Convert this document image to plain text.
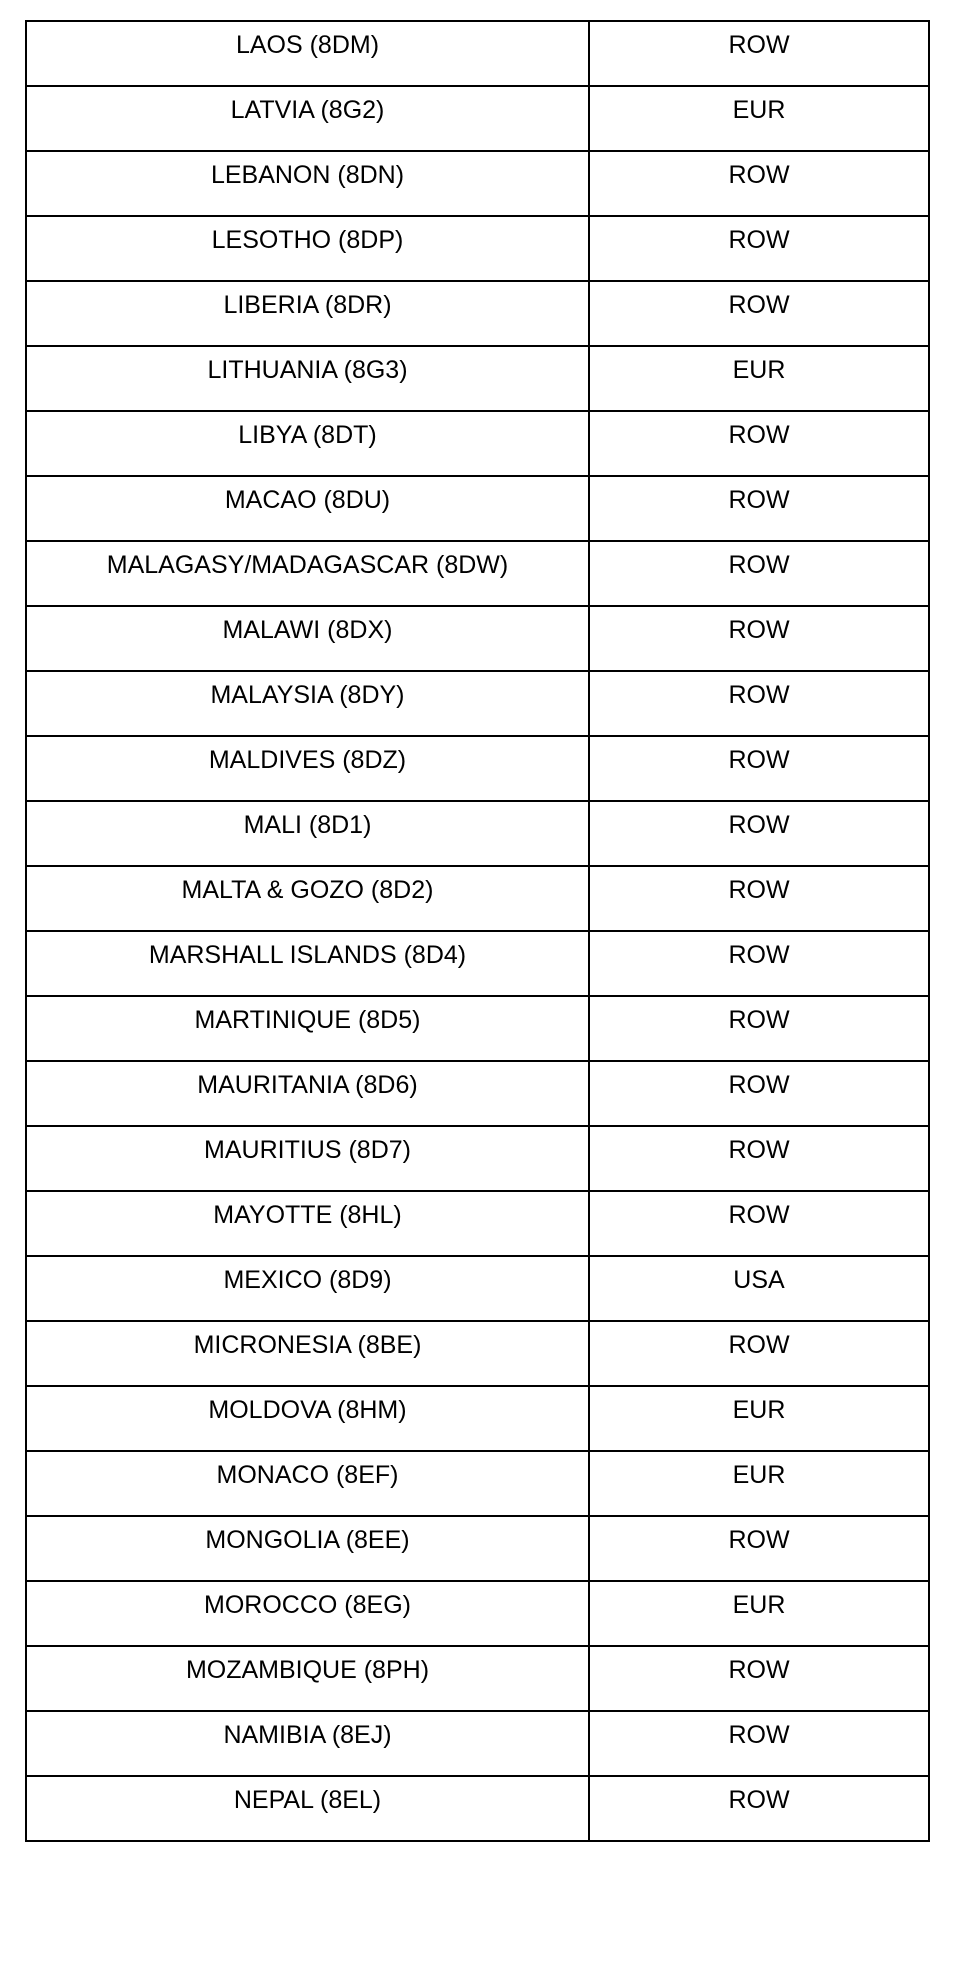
LAOS (8DM)	ROW

LATVIA (8G2)	EUR

LEBANON (8DN)	ROW

LESOTHO (8DP)	ROW

LIBERIA (8DR)	ROW

LITHUANIA (8G3)	EUR

LIBYA (8DT)	ROW

MACAO (8DU)	ROW

MALAGASY/MADAGASCAR (8DW)	ROW

MALAWI (8DX)	ROW

MALAYSIA (8DY)	ROW

MALDIVES (8DZ)	ROW

MALI (8D1)	ROW

MALTA & GOZO (8D2)	ROW

MARSHALL ISLANDS (8D4)	ROW

MARTINIQUE (8D5)	ROW

MAURITANIA (8D6)	ROW

MAURITIUS (8D7)	ROW

MAYOTTE (8HL)	ROW

MEXICO (8D9)	USA

MICRONESIA (8BE)	ROW

MOLDOVA (8HM)	EUR

MONACO (8EF)	EUR

MONGOLIA (8EE)	ROW

MOROCCO (8EG)	EUR

MOZAMBIQUE (8PH)	ROW

NAMIBIA (8EJ)	ROW

NEPAL (8EL)	ROW
